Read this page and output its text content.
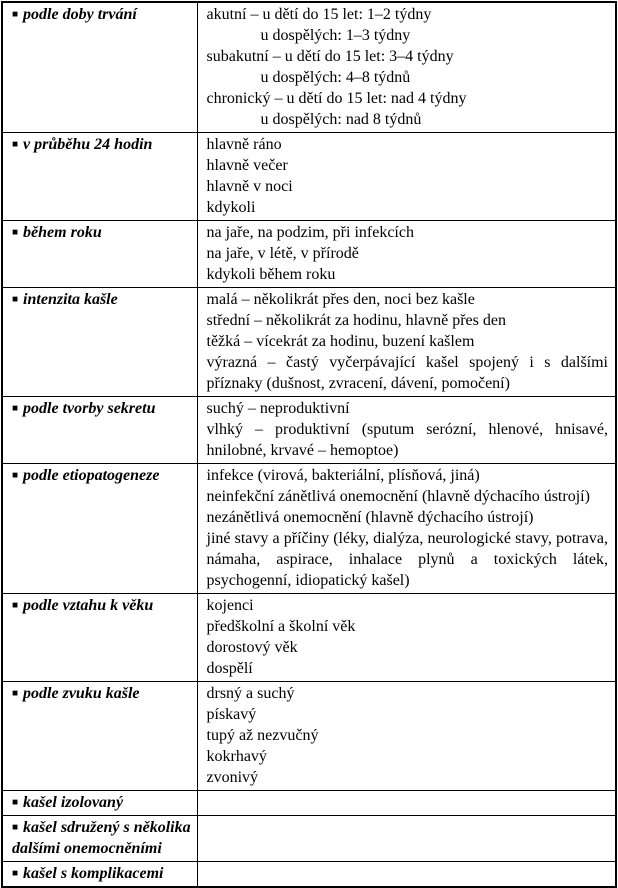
■ podle doby trvání	akutní – u dětí do 15 let: 1–2 týdny

u dospělých: 1–3 týdny

subakutní – u dětí do 15 let: 3–4 týdny

u dospělých: 4–8 týdnů

chronický – u dětí do 15 let: nad 4 týdny

u dospělých: nad 8 týdnů

■ v průběhu 24 hodin	hlavně ráno

hlavně večer

hlavně v noci

kdykoli

■ během roku	na jaře, na podzim, při infekcích

na jaře, v létě, v přírodě

kdykoli během roku

■ intenzita kašle	malá – několikrát přes den, noci bez kašle

střední – několikrát za hodinu, hlavně přes den

těžká – vícekrát za hodinu, buzení kašlem

výrazná – častý vyčerpávající kašel spojený i s dalšími příznaky (dušnost, zvracení, dávení, pomočení)

■ podle tvorby sekretu	suchý – neproduktivní

vlhký – produktivní (sputum serózní, hlenové, hnisavé, hnilobné, krvavé – hemoptoe)

■ podle etiopatogeneze	infekce (virová, bakteriální, plísňová, jiná)

neinfekční zánětlivá onemocnění (hlavně dýchacího ústrojí)

nezánětlivá onemocnění (hlavně dýchacího ústrojí)

jiné stavy a příčiny (léky, dialýza, neurologické stavy, potrava, námaha, aspirace, inhalace plynů a toxických látek, psychogenní, idiopatický kašel)

■ podle vztahu k věku	kojenci

předškolní a školní věk

dorostový věk

dospělí

■ podle zvuku kašle	drsný a suchý

pískavý

tupý až nezvučný

kokrhavý

zvonivý

■ kašel izolovaný	

■ kašel sdružený s několika

dalšími onemocněními	

■ kašel s komplikacemi	
